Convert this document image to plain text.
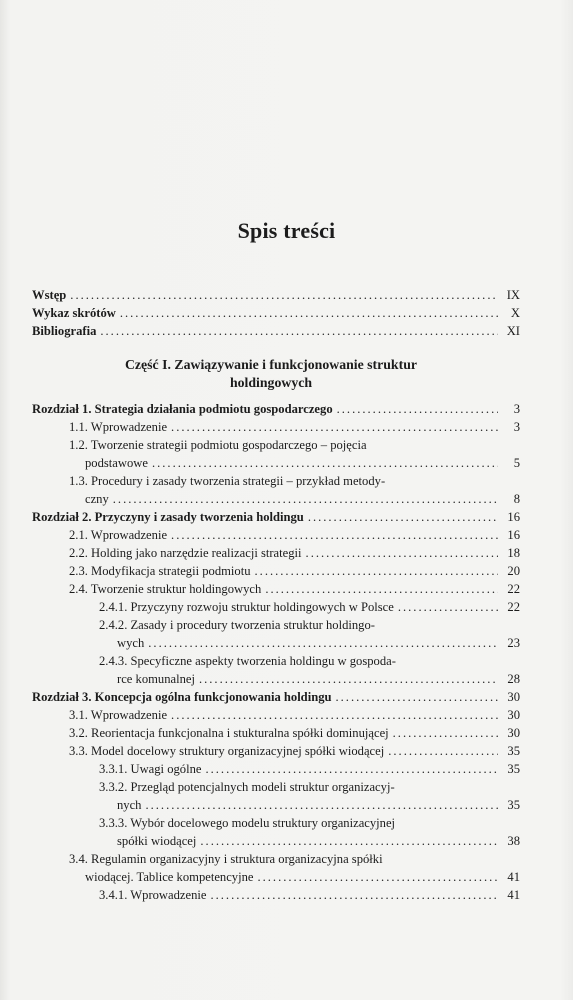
Spis treści
Wstęp .....	IX
Wykaz skrótów .....	X
Bibliografia .....	XI
Część I. Zawiązywanie i funkcjonowanie struktur
holdingowych
Rozdział 1. Strategia działania podmiotu gospodarczego .....	3
1.1. Wprowadzenie .....	3
1.2. Tworzenie strategii podmiotu gospodarczego – pojęcia
podstawowe .....	5
1.3. Procedury i zasady tworzenia strategii – przykład metody-
czny .....	8
Rozdział 2. Przyczyny i zasady tworzenia holdingu .....	16
2.1. Wprowadzenie .....	16
2.2. Holding jako narzędzie realizacji strategii .....	18
2.3. Modyfikacja strategii podmiotu .....	20
2.4. Tworzenie struktur holdingowych .....	22
2.4.1. Przyczyny rozwoju struktur holdingowych w Polsce .....	22
2.4.2. Zasady i procedury tworzenia struktur holdingo-
wych .....	23
2.4.3. Specyficzne aspekty tworzenia holdingu w gospoda-
rce komunalnej .....	28
Rozdział 3. Koncepcja ogólna funkcjonowania holdingu .....	30
3.1. Wprowadzenie .....	30
3.2. Reorientacja funkcjonalna i stukturalna spółki dominującej .....	30
3.3. Model docelowy struktury organizacyjnej spółki wiodącej .....	35
3.3.1. Uwagi ogólne .....	35
3.3.2. Przegląd potencjalnych modeli struktur organizacyj-
nych .....	35
3.3.3. Wybór docelowego modelu struktury organizacyjnej
spółki wiodącej .....	38
3.4. Regulamin organizacyjny i struktura organizacyjna spółki
wiodącej. Tablice kompetencyjne .....	41
3.4.1. Wprowadzenie .....	41
